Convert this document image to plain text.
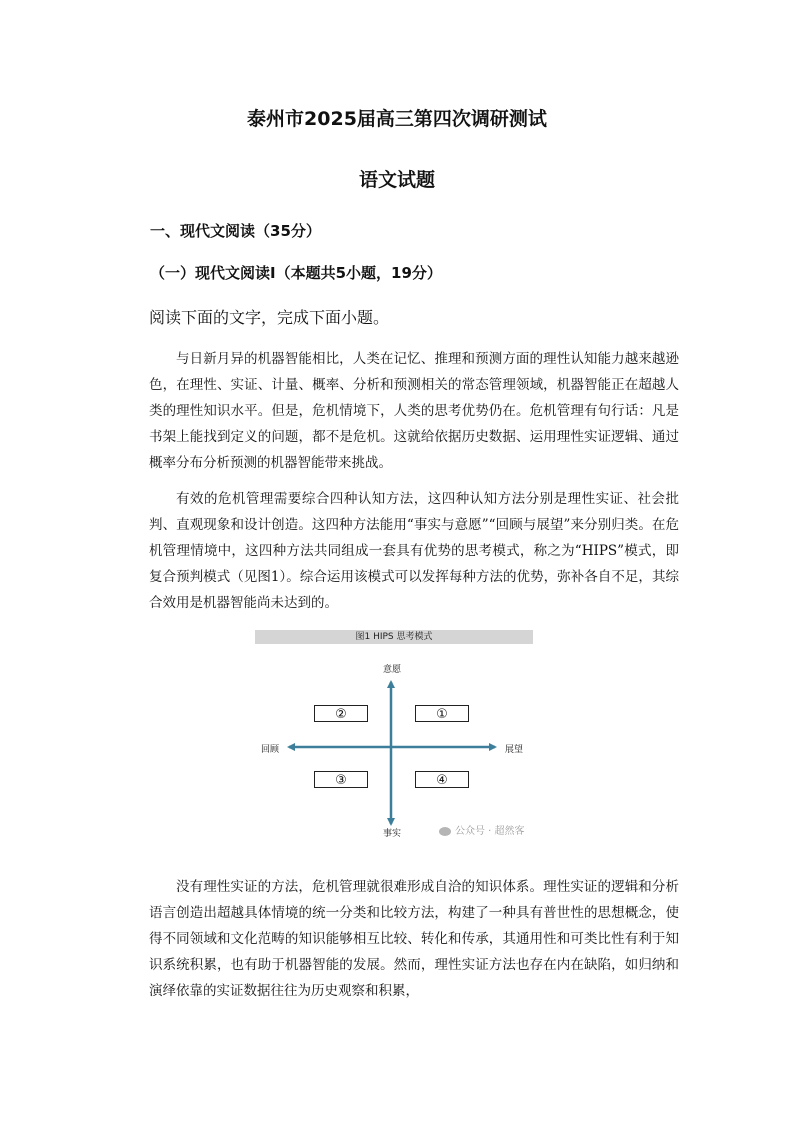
泰州市2025届高三第四次调研测试
语文试题
一、现代文阅读（35分）
（一）现代文阅读Ⅰ（本题共5小题，19分）
阅读下面的文字，完成下面小题。

与日新月异的机器智能相比，人类在记忆、推理和预测方面的理性认知能力越来越逊色，在理性、实证、计量、概率、分析和预测相关的常态管理领域，机器智能正在超越人类的理性知识水平。但是，危机情境下，人类的思考优势仍在。危机管理有句行话：凡是书架上能找到定义的问题，都不是危机。这就给依据历史数据、运用理性实证逻辑、通过概率分布分析预测的机器智能带来挑战。

有效的危机管理需要综合四种认知方法，这四种认知方法分别是理性实证、社会批判、直观现象和设计创造。这四种方法能用“事实与意愿”“回顾与展望”来分别归类。在危机管理情境中，这四种方法共同组成一套具有优势的思考模式，称之为“HIPS”模式，即复合预判模式（见图1）。综合运用该模式可以发挥每种方法的优势，弥补各自不足，其综合效用是机器智能尚未达到的。

图1 HIPS 思考模式
意愿
事实
回顾	展望
②	①
③	④
公众号 · 超然客

没有理性实证的方法，危机管理就很难形成自洽的知识体系。理性实证的逻辑和分析语言创造出超越具体情境的统一分类和比较方法，构建了一种具有普世性的思想概念，使得不同领域和文化范畴的知识能够相互比较、转化和传承，其通用性和可类比性有利于知识系统积累，也有助于机器智能的发展。然而，理性实证方法也存在内在缺陷，如归纳和演绎依靠的实证数据往往为历史观察和积累，
